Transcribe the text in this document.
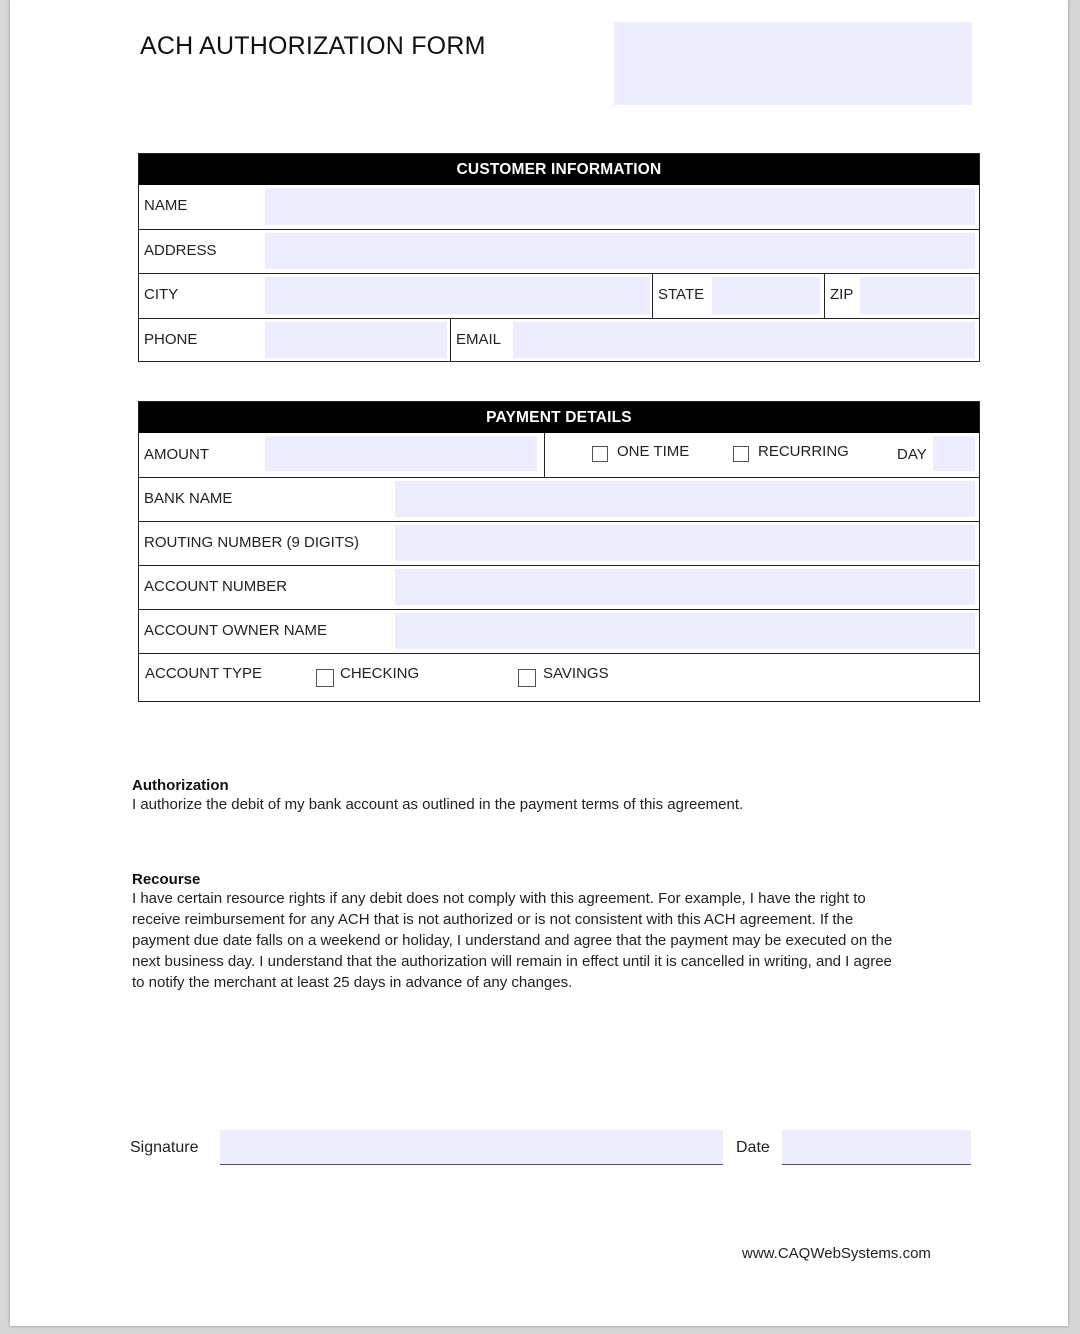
ACH AUTHORIZATION FORM
CUSTOMER INFORMATION
NAME
ADDRESS
CITY	STATE	ZIP
PHONE	EMAIL
PAYMENT DETAILS
AMOUNT	ONE TIME	RECURRING	DAY
BANK NAME
ROUTING NUMBER (9 DIGITS)
ACCOUNT NUMBER
ACCOUNT OWNER NAME
ACCOUNT TYPE	CHECKING	SAVINGS
Authorization
I authorize the debit of my bank account as outlined in the payment terms of this agreement.
Recourse
I have certain resource rights if any debit does not comply with this agreement. For example, I have the right to
receive reimbursement for any ACH that is not authorized or is not consistent with this ACH agreement. If the
payment due date falls on a weekend or holiday, I understand and agree that the payment may be executed on the
next business day. I understand that the authorization will remain in effect until it is cancelled in writing, and I agree
to notify the merchant at least 25 days in advance of any changes.
Signature	Date
www.CAQWebSystems.com
